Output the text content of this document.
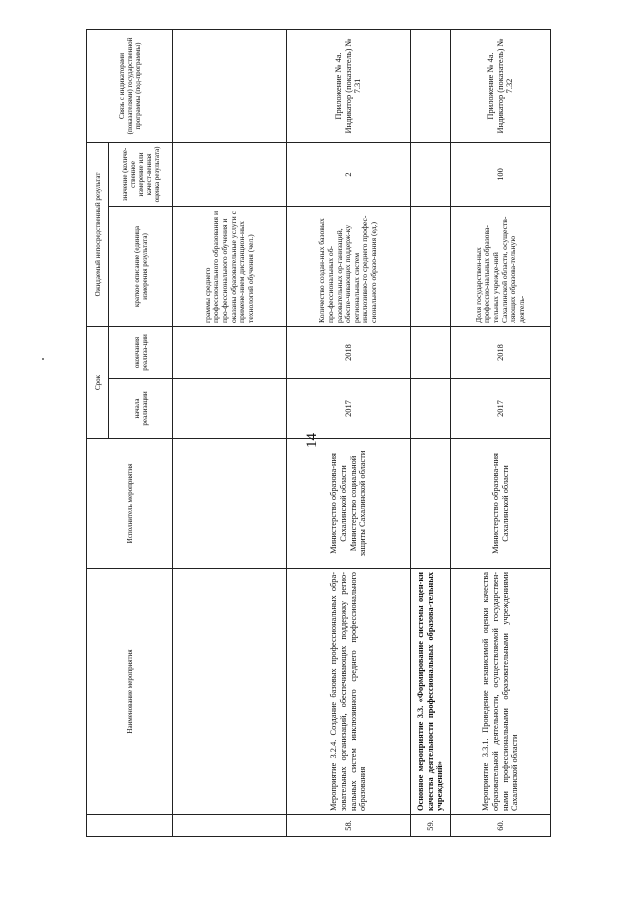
14
	Наименование мероприятия	Исполнитель мероприятия	Срок		Ожидаемый непосредственный результат		Связь с индикаторами (показателями) государственной программы (под-программы)
			начала реализации	окончания реализа-ции	краткое описание (единица измерения результата)	значение (количе-ственное измерение или качест-венная оценка результата)	
					граммы среднего профессионального образования и про-фессионального обучения и оказаны образовательные услуги с примене-нием дистанцион-ных технологий обучения (чел.)		
58.	Мероприятие 3.2.4. Создание базовых профессиональных обра-зовательных организаций, обеспечивающих поддержку регио-нальных систем инклюзивного среднего профессионального образования	Министерство образова-ния Сахалинской области Министерство социальной защиты Сахалинской области	2017	2018	Количество создан-ных базовых про-фессиональных об-разовательных ор-ганизаций, обеспе-чивающих поддерж-ку региональных систем инклюзивно-го среднего профес-сионального образо-вания (ед.)	2	Приложение № 4а. Индикатор (показатель) № 7.31
59.	Основное мероприятие 3.3. «Формирование системы оцен-ки качества деятельности профессиональных образова-тельных учреждений»						
60.	Мероприятие 3.3.1. Проведение независимой оценки качества образовательной деятельности, осуществляемой государствен-ными профессиональными образовательными учреждениями Сахалинской области	Министерство образова-ния Сахалинской области	2017	2018	Доля государствен-ных профессио-нальных образова-тельных учрежде-ний Сахалинской области, осуществ-ляющих образова-тельную деятель-	100	Приложение № 4а. Индикатор (показатель) № 7.32
